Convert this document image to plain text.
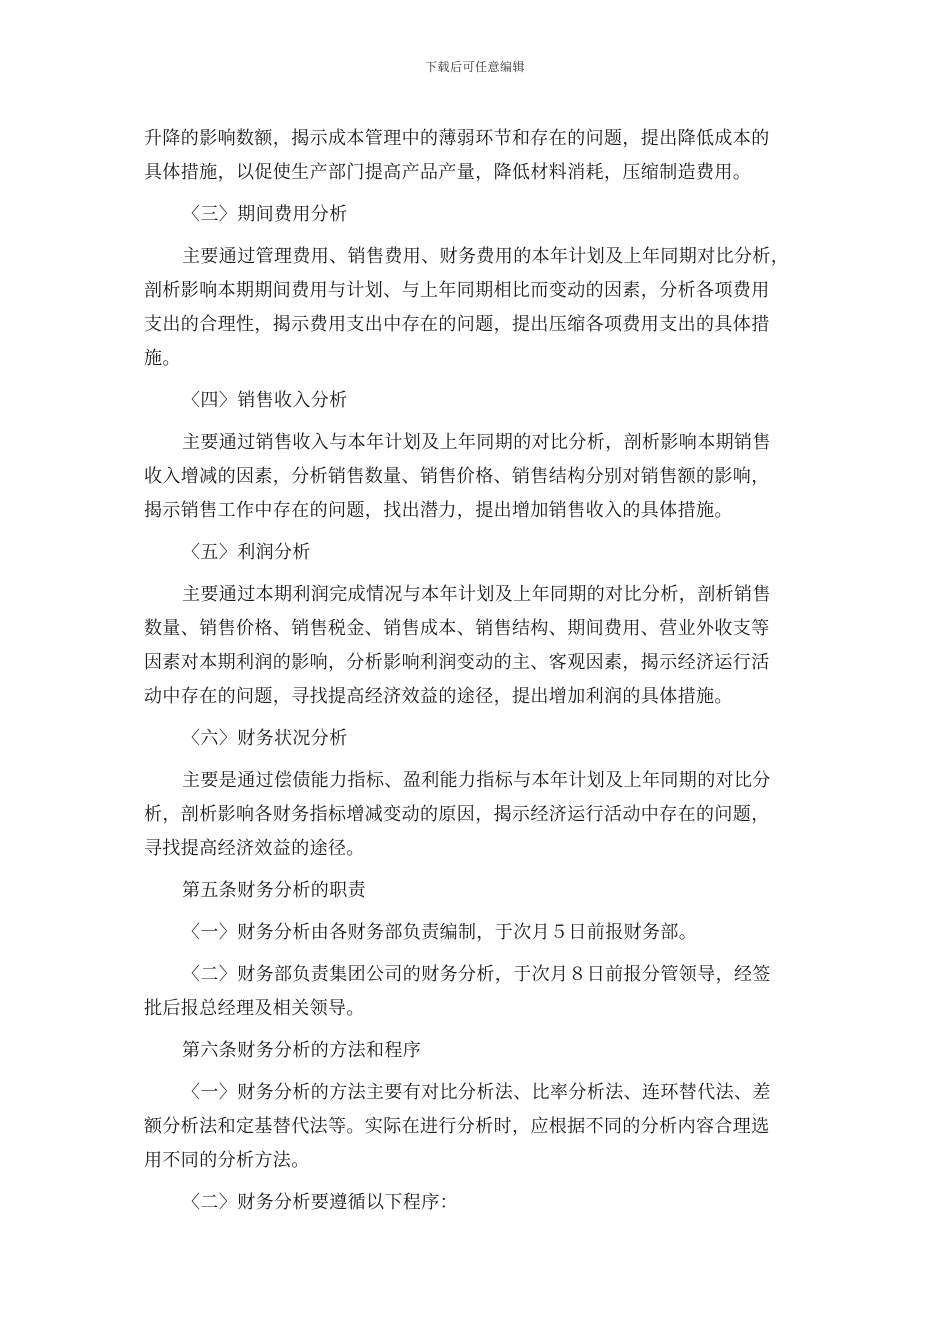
下载后可任意编辑
升降的影响数额，揭示成本管理中的薄弱环节和存在的问题，提出降低成本的
具体措施，以促使生产部门提高产品产量，降低材料消耗，压缩制造费用。
〈三〉期间费用分析
主要通过管理费用、销售费用、财务费用的本年计划及上年同期对比分析，
剖析影响本期期间费用与计划、与上年同期相比而变动的因素，分析各项费用
支出的合理性，揭示费用支出中存在的问题，提出压缩各项费用支出的具体措
施。
〈四〉销售收入分析
主要通过销售收入与本年计划及上年同期的对比分析，剖析影响本期销售
收入增减的因素，分析销售数量、销售价格、销售结构分别对销售额的影响，
揭示销售工作中存在的问题，找出潜力，提出增加销售收入的具体措施。
〈五〉利润分析
主要通过本期利润完成情况与本年计划及上年同期的对比分析，剖析销售
数量、销售价格、销售税金、销售成本、销售结构、期间费用、营业外收支等
因素对本期利润的影响，分析影响利润变动的主、客观因素，揭示经济运行活
动中存在的问题，寻找提高经济效益的途径，提出增加利润的具体措施。
〈六〉财务状况分析
主要是通过偿债能力指标、盈利能力指标与本年计划及上年同期的对比分
析，剖析影响各财务指标增减变动的原因，揭示经济运行活动中存在的问题，
寻找提高经济效益的途径。
第五条财务分析的职责
〈一〉财务分析由各财务部负责编制，于次月５日前报财务部。
〈二〉财务部负责集团公司的财务分析，于次月８日前报分管领导，经签
批后报总经理及相关领导。
第六条财务分析的方法和程序
〈一〉财务分析的方法主要有对比分析法、比率分析法、连环替代法、差
额分析法和定基替代法等。实际在进行分析时，应根据不同的分析内容合理选
用不同的分析方法。
〈二〉财务分析要遵循以下程序：
